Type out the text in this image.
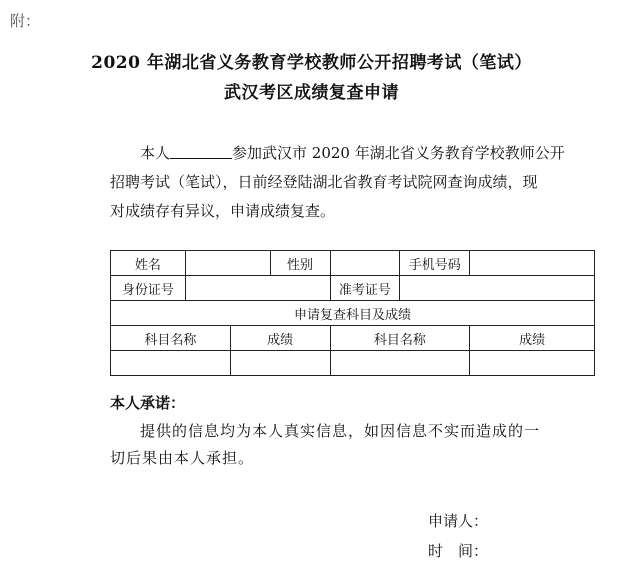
附：
2020 年湖北省义务教育学校教师公开招聘考试（笔试）
武汉考区成绩复查申请
本人	参加武汉市 2020 年湖北省义务教育学校教师公开
招聘考试（笔试），日前经登陆湖北省教育考试院网查询成绩，现
对成绩存有异议，申请成绩复查。
姓名			性别		手机号码	
身份证号				准考证号		
申请复查科目及成绩						
科目名称		成绩		科目名称		成绩

本人承诺：
提供的信息均为本人真实信息，如因信息不实而造成的一
切后果由本人承担。
申请人：
时　间：
